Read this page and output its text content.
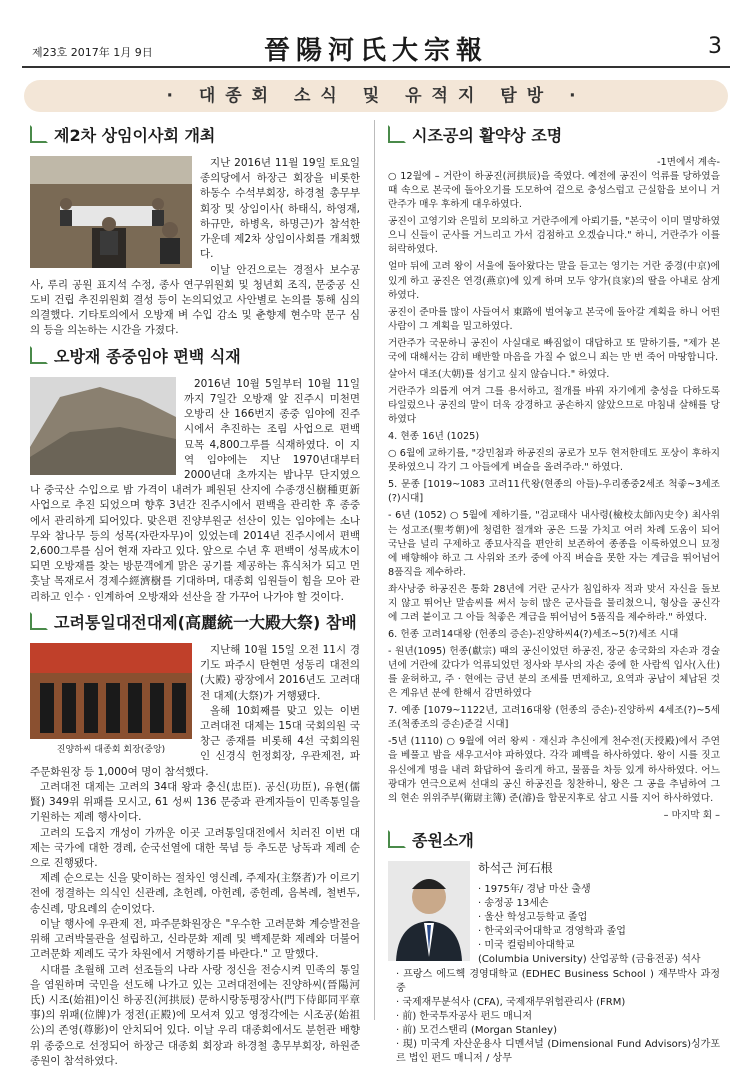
제23호 2017年 1月 9日	晉陽河氏大宗報	3
· 대종회 소식 및 유적지 탐방 ·
제2차 상임이사회 개최

지난 2016년 11월 19일 토요일 종의당에서 하장근 회장을 비롯한 하동수 수석부회장, 하경철 총무부회장 및 상임이사( 하태식, 하영재, 하규만, 하병옥, 하명근)가 참석한 가운데 제2차 상임이사회를 개최했다.

이날 안건으로는 경절사 보수공사, 루리 공원 표지석 수정, 종사 연구위원회 및 청년회 조직, 문중공 신도비 건립 추진위원회 결성 등이 논의되었고 사안별로 논의를 통해 심의 의결했다. 기타토의에서 오방재 벼 수입 감소 및 춘향제 현수막 문구 심의 등을 의논하는 시간을 가졌다.

오방재 종중임야 편백 식재

2016년 10월 5일부터 10월 11일까지 7일간 오방재 앞 진주시 미천면 오방리 산 166번지 종중 임야에 진주시에서 추진하는 조림 사업으로 편백 묘목 4,800그루를 식재하였다. 이 지역 임야에는 지난 1970년대부터 2000년대 초까지는 밤나무 단지였으나 중국산 수입으로 밤 가격이 내려가 폐원된 산지에 수종갱신樹種更新 사업으로 추진 되었으며 향후 3년간 진주시에서 편백을 관리한 후 종중에서 관리하게 되어있다. 맞은편 진양부원군 선산이 있는 임야에는 소나무와 참나무 등의 성목(자란자무)이 있었는데 2014년 진주시에서 편백 2,600그루를 심어 현재 자라고 있다. 앞으로 수년 후 편백이 성목成木이 되면 오방재를 찾는 방문객에게 맑은 공기를 제공하는 휴식처가 되고 먼 훗날 목재로서 경제수經濟樹를 기대하며, 대종회 임원들이 힘을 모아 관리하고 인수 · 인계하여 오방재와 선산을 잘 가꾸어 나가야 할 것이다.

고려통일대전대제(高麗統一大殿大祭) 참배
진양하씨 대종회 회장(중앙)

지난해 10월 15일 오전 11시 경기도 파주시 탄현면 성동리 대전의(大殿) 광장에서 2016년도 고려대전 대제(大祭)가 거행됐다.

올해 10회째를 맞고 있는 이번 고려대전 대제는 15대 국회의원 국창근 종재를 비롯해 4선 국회의원인 신경식 헌정회장, 우관제전, 파주문화원장 등 1,000여 명이 참석했다.

고려대전 대제는 고려의 34대 왕과 충신(忠臣). 공신(功臣), 유현(儒賢) 349위 위패를 모시고, 61 성씨 136 문중과 관계자들이 민족통일을 기원하는 제례 행사이다.

고려의 도읍지 개성이 가까운 이곳 고려통일대전에서 치러진 이번 대제는 국가에 대한 경례, 순국선열에 대한 묵념 등 추도문 낭독과 제례 순으로 진행됐다.

제례 순으로는 신을 맞이하는 절차인 영신례, 주제자(主祭者)가 이르기 전에 정결하는 의식인 신관례, 초헌례, 아헌례, 종헌례, 음복례, 철변두, 송신례, 망요례의 순이었다.

이날 행사에 우관제 전, 파주문화원장은 "우수한 고려문화 계승발전을 위해 고려박물관을 설립하고, 신라문화 제례 및 백제문화 제례와 더불어 고려문화 제례도 국가 차원에서 거행하기를 바란다." 고 말했다.

시대를 초월해 고려 선조들의 나라 사랑 정신을 전승시켜 민족의 통일을 염원하며 국민을 선도해 나가고 있는 고려대전에는 진양하씨(晉陽河氏) 시조(始祖)이신 하공진(河拱辰) 문하시랑동평장사(門下侍郞同平章事)의 위패(位牌)가 정전(正殿)에 모셔져 있고 영정각에는 시조공(始祖公)의 존영(尊影)이 안치되어 있다. 이날 우리 대종회에서도 분헌관 배향 위 종중으로 선정되어 하장근 대종회 회장과 하경철 총무부회장, 하원준 종원이 참석하였다.

시조공의 활약상 조명
-1면에서 계속-

○ 12월에 – 거란이 하공진(河拱辰)을 죽였다. 예전에 공진이 억류를 당하였을 때 속으로 본국에 돌아오기를 도모하여 겉으로 충성스럽고 근실함을 보이니 거란주가 매우 후하게 대우하였다.

공진이 고영기와 은밀히 모의하고 거란주에게 아뢰기를, "본국이 이미 멸망하였으니 신들이 군사를 거느리고 가서 검점하고 오겠습니다." 하니, 거란주가 이를 허락하였다.

얼마 뒤에 고려 왕이 서울에 돌아왔다는 말을 듣고는 영기는 거란 중경(中京)에 있게 하고 공진은 연경(燕京)에 있게 하며 모두 양가(良家)의 딸을 아내로 삼게 하였다.

공진이 준마를 많이 사들여서 東路에 벌여놓고 본국에 돌아갈 계획을 하니 어떤 사람이 그 계획을 밀고하였다.

거란주가 국문하니 공진이 사실대로 빠짐없이 대답하고 또 말하기를, "제가 본국에 대해서는 감히 배반할 마음을 가질 수 없으니 죄는 만 번 죽어 마땅합니다.

살아서 대조(大朝)를 섬기고 싶지 않습니다." 하였다.

거란주가 의롭게 여겨 그를 용서하고, 절개를 바꿔 자기에게 충성을 다하도록 타일렀으나 공진의 말이 더욱 강경하고 공손하지 않았으므로 마침내 살해를 당하였다

4. 현종 16년 (1025)

○ 6월에 교하기를, "강민첨과 하공진의 공로가 모두 현저한데도 포상이 후하지 못하였으니 각기 그 아들에게 벼슬을 올려주라." 하였다.

5. 문종 [1019~1083 고려11代왕(현종의 아들)-우리종중2세조 척좋~3세조(?)시대]

- 6년 (1052) ○ 5월에 제하기를, "검교태사 내사령(檢校太師內史令) 최사위는 성고조(聖考朝)에 청렴한 절개와 공은 드물 가치고 여러 차례 도움이 되어 국난을 널리 구제하고 종묘사직을 편안히 보존하여 종종을 이룩하였으니 묘정에 배향해야 하고 그 사위와 조카 중에 아직 벼슬을 못한 자는 계급을 뛰어넘어 8품직을 제수하라.

좌사낭중 하공진은 통화 28년에 거란 군사가 침입하자 적과 맞서 자신을 돌보지 않고 뛰어난 말솜씨를 써서 능히 많은 군사들을 물리쳤으니, 형상을 공신각에 그려 붙이고 그 아들 척좋은 계급을 뛰어넘어 5품직을 제수하라." 하였다.

6. 헌종 고려14대왕 (헌종의 증손)-진양하씨4(?)세조~5(?)세조 시대

- 원년(1095) 헌종(獻宗) 때의 공신이었던 하공진, 장군 송국화의 자손과 경술년에 거란에 갔다가 억류되었던 정사와 부사의 자손 중에 한 사람씩 입사(入仕)를 윤허하고, 주 · 현에는 금년 분의 조세를 면제하고, 요역과 공납이 체납된 것은 계유년 분에 한해서 감면하였다

7. 예종 [1079~1122년, 고려16대왕 (헌종의 증손)-진양하씨 4세조(?)~5세조(척종조의 증손)준걸 시대]

-5년 (1110) ○ 9월에 여러 왕씨 · 재신과 추신에게 천수전(天授殿)에서 주연을 베풀고 밤을 새우고서야 파하였다. 각각 폐백을 하사하였다. 왕이 시를 짓고 유신에게 명을 내려 화답하여 올리게 하고, 물품을 차등 있게 하사하였다. 어느 광대가 연극으로써 선대의 공신 하공진을 칭찬하니, 왕은 그 공을 추념하여 그의 현손 위위주부(衛尉主簿) 준(濬)을 합문지후로 삼고 시를 지어 하사하였다.

– 마지막 회 –
종원소개
하석근 河石根
· 1975年/ 경남 마산 출생
· 송정공 13세손
· 울산 학성고등학교 졸업
· 한국외국어대학교 경영학과 졸업
· 미국 컬럼비아대학교
(Columbia University) 산업공학 (금융전공) 석사
· 프랑스 에드헥 경영대학교 (EDHEC Business School ) 재무박사 과정 중
· 국제재무분석사 (CFA), 국제재무위험관리사 (FRM)
· 前) 한국투자공사 펀드 매니저
· 前) 모건스탠리 (Morgan Stanley)
· 現) 미국계 자산운용사 디멘셔널 (Dimensional Fund Advisors)싱가포르 법인 펀드 매니저 / 상무
